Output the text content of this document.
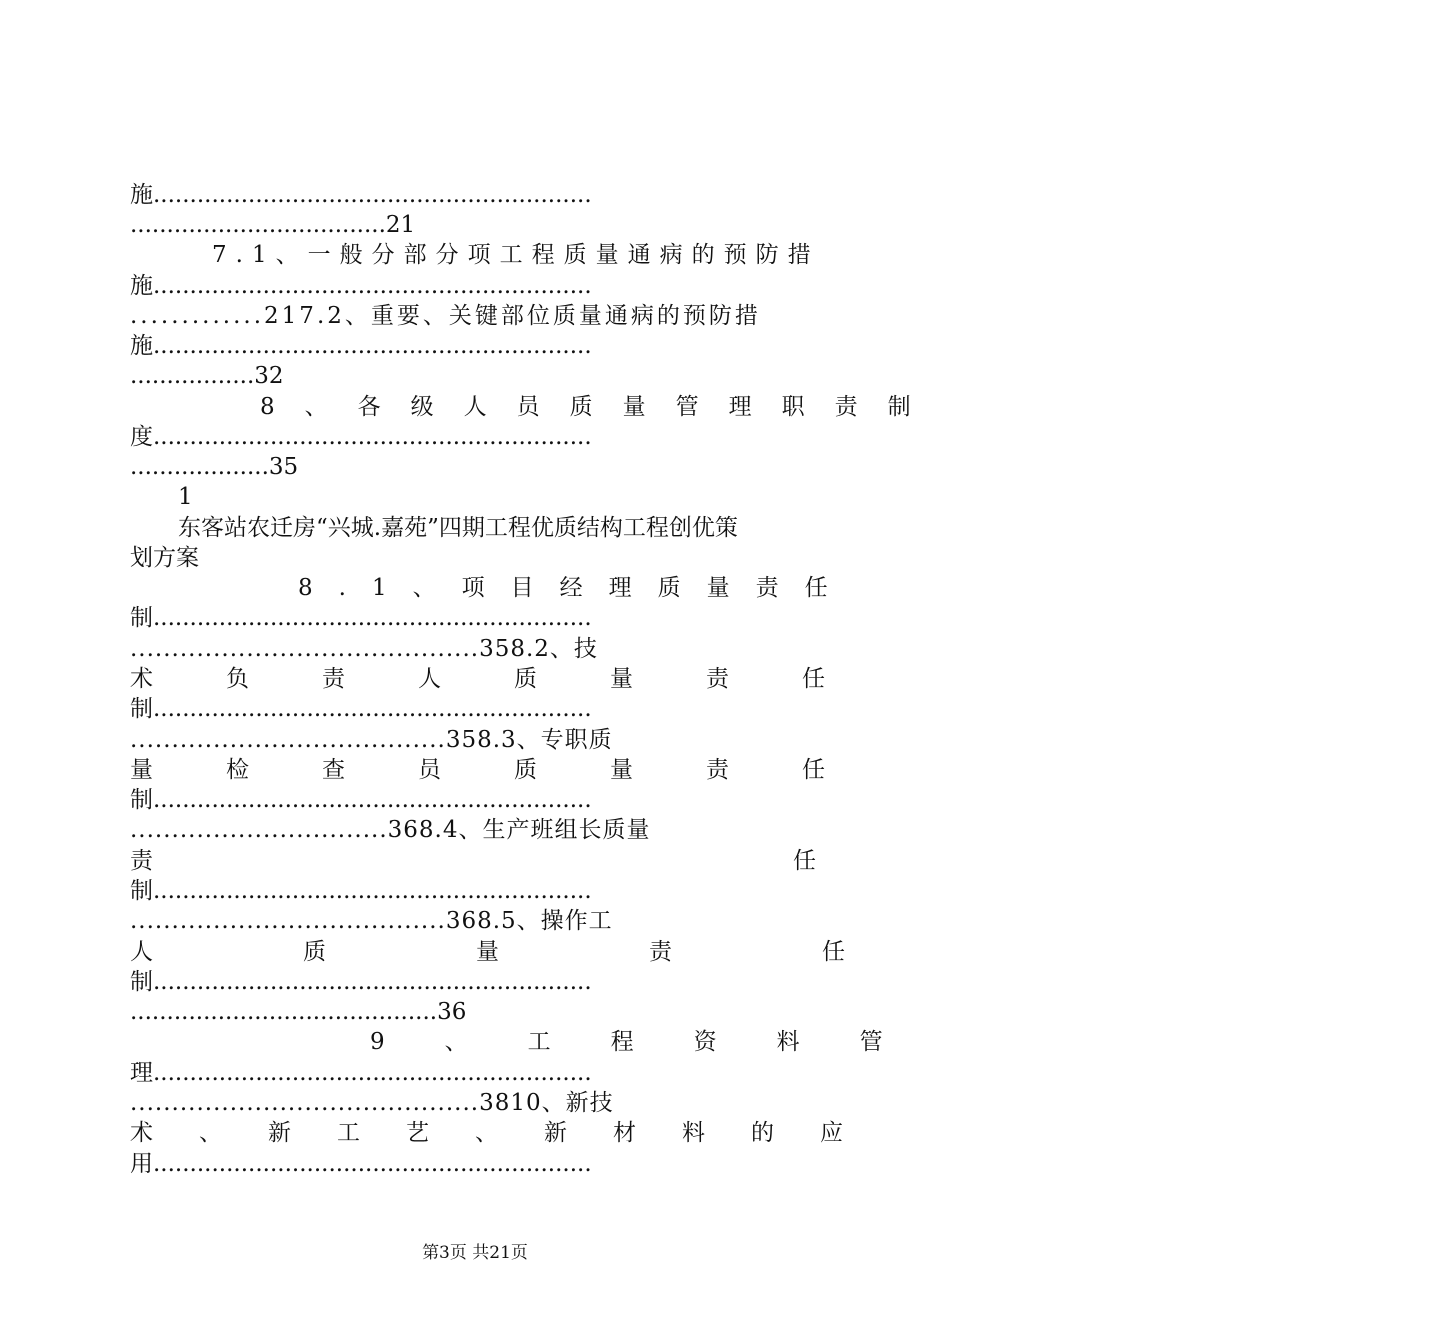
施............................................................
...................................21
7.1、一般分部分项工程质量通病的预防措
施............................................................
.............217.2、重要、关键部位质量通病的预防措
施............................................................
.................32
8、各级人员质量管理职责制
度............................................................
...................35
1
东客站农迁房“兴城.嘉苑”四期工程优质结构工程创优策
划方案
8.1、项目经理质量责任
制............................................................
..........................................358.2、技
术负责人质量责任
制............................................................
......................................358.3、专职质
量检查员质量责任
制............................................................
...............................368.4、生产班组长质量
责任
制............................................................
......................................368.5、操作工
人质量责任
制............................................................
..........................................36
9、工程资料管
理............................................................
..........................................3810、新技
术、新工艺、新材料的应
用............................................................
第3页 共21页
